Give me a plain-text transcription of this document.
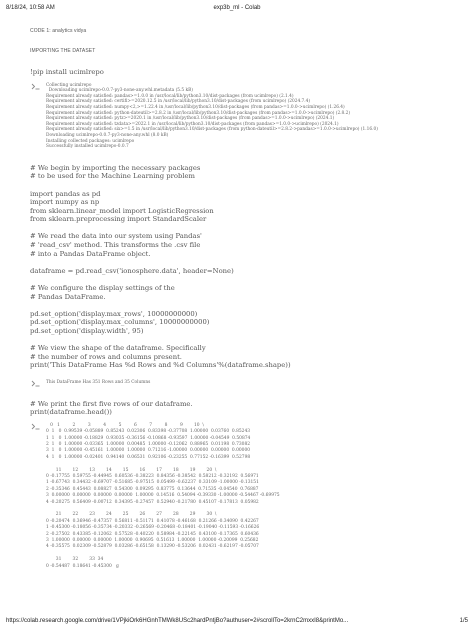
8/18/24, 10:58 AM	exp3b_ml - Colab
CODE 1: analytics vidya
IMPORTING THE DATASET
!pip install ucimlrepo
Collecting ucimlrepo
Downloading ucimlrepo-0.0.7-py3-none-any.whl.metadata (5.5 kB)
Requirement already satisfied: pandas>=1.0.0 in /usr/local/lib/python3.10/dist-packages (from ucimlrepo) (2.1.4)
Requirement already satisfied: certifi>=2020.12.5 in /usr/local/lib/python3.10/dist-packages (from ucimlrepo) (2024.7.4)
Requirement already satisfied: numpy<2,>=1.22.4 in /usr/local/lib/python3.10/dist-packages (from pandas>=1.0.0->ucimlrepo) (1.26.4)
Requirement already satisfied: python-dateutil>=2.8.2 in /usr/local/lib/python3.10/dist-packages (from pandas>=1.0.0->ucimlrepo) (2.8.2)
Requirement already satisfied: pytz>=2020.1 in /usr/local/lib/python3.10/dist-packages (from pandas>=1.0.0->ucimlrepo) (2024.1)
Requirement already satisfied: tzdata>=2022.1 in /usr/local/lib/python3.10/dist-packages (from pandas>=1.0.0->ucimlrepo) (2024.1)
Requirement already satisfied: six>=1.5 in /usr/local/lib/python3.10/dist-packages (from python-dateutil>=2.8.2->pandas>=1.0.0->ucimlrepo) (1.16.0)
Downloading ucimlrepo-0.0.7-py3-none-any.whl (8.0 kB)
Installing collected packages: ucimlrepo
Successfully installed ucimlrepo-0.0.7
# We begin by importing the necessary packages
# to be used for the Machine Learning problem

import pandas as pd
import numpy as np
from sklearn.linear_model import LogisticRegression
from sklearn.preprocessing import StandardScaler

# We read the data into our system using Pandas'
# 'read_csv' method. This transforms the .csv file
# into a Pandas DataFrame object.

dataframe = pd.read_csv('ionosphere.data', header=None)

# We configure the display settings of the
# Pandas DataFrame.

pd.set_option('display.max_rows', 10000000000)
pd.set_option('display.max_columns', 10000000000)
pd.set_option('display.width', 95)

# We view the shape of the dataframe. Specifically
# the number of rows and columns present.
print('This DataFrame Has %d Rows and %d Columns'%(dataframe.shape))
This DataFrame Has 351 Rows and 35 Columns
# We print the first five rows of our dataframe.
print(dataframe.head())
0   1         2         3         4         5         6         7         8         9        10  \
0  1   0  0.99539 -0.05889  0.85243  0.02306  0.83398 -0.37708  1.00000  0.03760  0.85243
1  1   0  1.00000 -0.18829  0.93035 -0.36156 -0.10868 -0.93597  1.00000 -0.04549  0.50874
2  1   0  1.00000 -0.03365  1.00000  0.00485  1.00000 -0.12062  0.88965  0.01198  0.73082
3  1   0  1.00000 -0.45161  1.00000  1.00000  0.71216 -1.00000  0.00000  0.00000  0.00000
4  1   0  1.00000 -0.02401  0.94140  0.06531  0.92106 -0.23255  0.77152 -0.16399  0.52798

11        12        13        14        15        16        17        18        19        20  \
0 -0.17755  0.59755 -0.44945  0.60536 -0.38223  0.84356 -0.38542  0.58212 -0.32192  0.56971
1 -0.67743  0.34432 -0.69707 -0.51685 -0.97515  0.05499 -0.62237  0.33109 -1.00000 -0.13151
2 -0.35346  0.45443  0.08827  0.54300  0.09295  0.83775  0.13644  0.71535 -0.04540  0.76887
3  0.00000  0.00000  0.00000  0.00000  1.00000  0.14516  0.54094 -0.39330 -1.00000 -0.54467 -0.69975
4 -0.20275  0.56409 -0.00712  0.34395 -0.27457  0.52940 -0.21780  0.45107 -0.17813  0.05982

21        22        23        24        25        26        27        28        29        30  \
0 -0.20474  0.36946 -0.47357  0.56811 -0.51171  0.41078 -0.46168  0.21266 -0.34090  0.42267
1 -0.45300 -0.18056 -0.35734 -0.20332 -0.26569 -0.20468 -0.18401 -0.19040 -0.11593 -0.16626
2 -0.27502  0.43385 -0.12062  0.57528 -0.40220  0.58984 -0.22145  0.43100 -0.17365  0.60436
3  1.00000  0.00000  0.00000  1.00000  0.90695  0.51613  1.00000  1.00000 -0.20099  0.25682
4 -0.35575  0.02309 -0.52879  0.03286 -0.65158  0.13290 -0.53206  0.02431 -0.62197 -0.05707

31        32        33  34
0 -0.54487  0.18641 -0.45300   g
https://colab.research.google.com/drive/1VPjkiOrk6HGnhTMWk8USc2hardPntjBo?authuser=2#scrollTo=2krnC2mxxI8&printMo...	1/5
